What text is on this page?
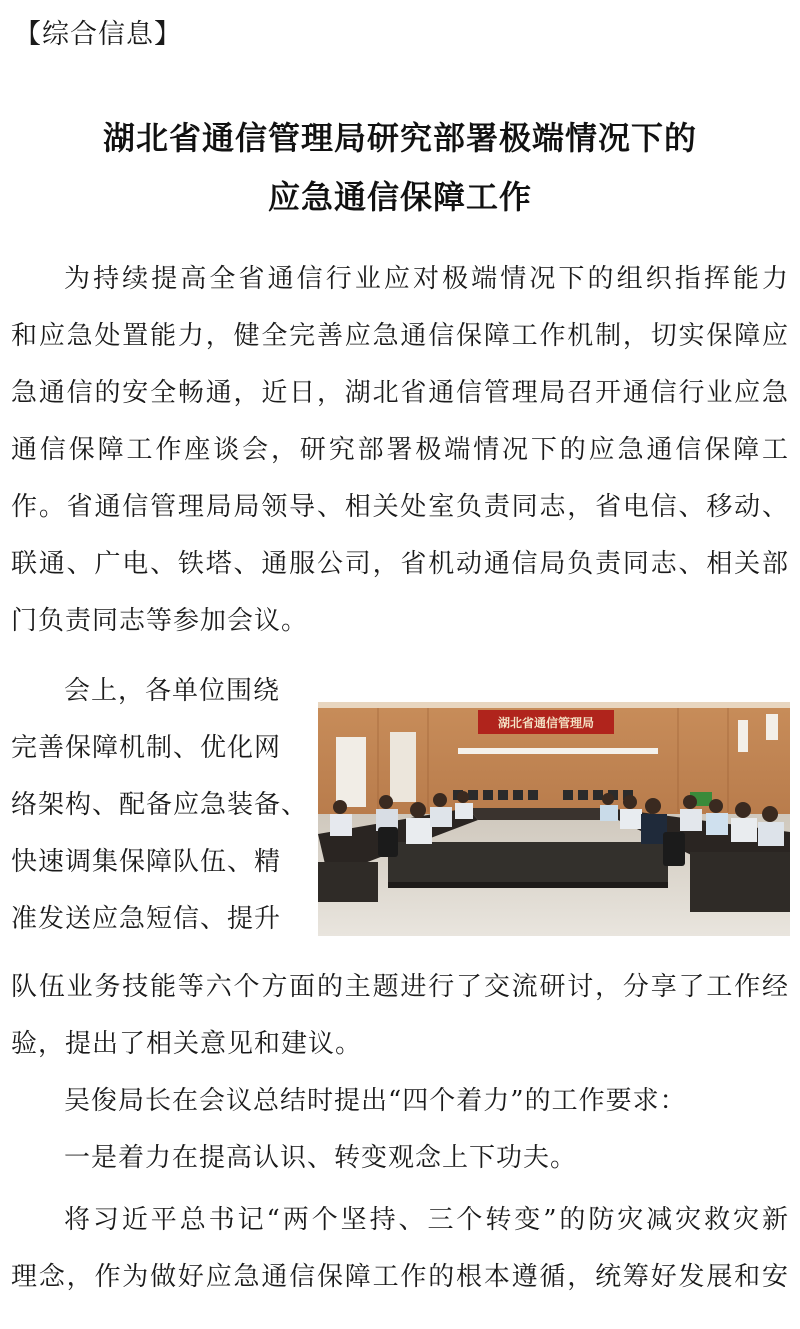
【综合信息】
湖北省通信管理局研究部署极端情况下的
应急通信保障工作
为持续提高全省通信行业应对极端情况下的组织指挥能力
和应急处置能力，健全完善应急通信保障工作机制，切实保障应
急通信的安全畅通，近日，湖北省通信管理局召开通信行业应急
通信保障工作座谈会，研究部署极端情况下的应急通信保障工
作。省通信管理局局领导、相关处室负责同志，省电信、移动、
联通、广电、铁塔、通服公司，省机动通信局负责同志、相关部
门负责同志等参加会议。
会上，各单位围绕
完善保障机制、优化网
络架构、配备应急装备、
快速调集保障队伍、精
准发送应急短信、提升
湖北省通信管理局
队伍业务技能等六个方面的主题进行了交流研讨，分享了工作经
验，提出了相关意见和建议。
吴俊局长在会议总结时提出“四个着力”的工作要求：
一是着力在提高认识、转变观念上下功夫。
将习近平总书记“两个坚持、三个转变”的防灾减灾救灾新
理念，作为做好应急通信保障工作的根本遵循，统筹好发展和安
